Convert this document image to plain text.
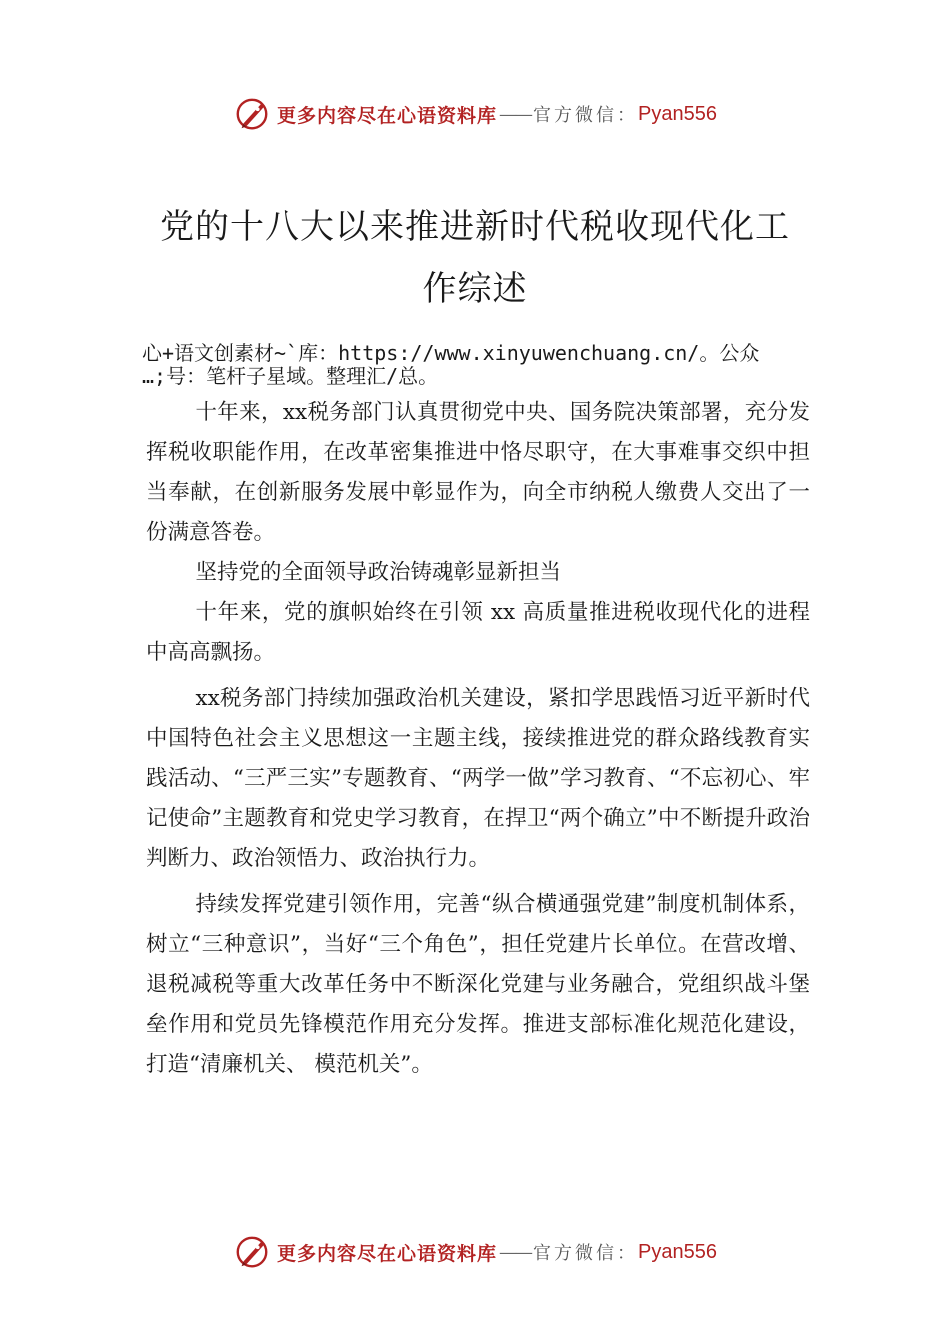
更多内容尽在心语资料库 —— 官方微信： Pyan556
党的十八大以来推进新时代税收现代化工
作综述
心+语文创素材~`库：https://www.xinyuwenchuang.cn/。公众
…;号：笔杆子星域。整理汇/总。

十年来，xx税务部门认真贯彻党中央、国务院决策部署，充分发挥税收职能作用，在改革密集推进中恪尽职守，在大事难事交织中担当奉献，在创新服务发展中彰显作为，向全市纳税人缴费人交出了一份满意答卷。

坚持党的全面领导政治铸魂彰显新担当

十年来，党的旗帜始终在引领 xx 高质量推进税收现代化的进程中高高飘扬。

xx税务部门持续加强政治机关建设，紧扣学思践悟习近平新时代中国特色社会主义思想这一主题主线，接续推进党的群众路线教育实践活动、“三严三实”专题教育、“两学一做”学习教育、“不忘初心、牢记使命”主题教育和党史学习教育，在捍卫“两个确立”中不断提升政治判断力、政治领悟力、政治执行力。

持续发挥党建引领作用，完善“纵合横通强党建”制度机制体系，树立“三种意识”，当好“三个角色”，担任党建片长单位。在营改增、退税减税等重大改革任务中不断深化党建与业务融合，党组织战斗堡垒作用和党员先锋模范作用充分发挥。推进支部标准化规范化建设，打造“清廉机关、 模范机关”。

更多内容尽在心语资料库 —— 官方微信： Pyan556
